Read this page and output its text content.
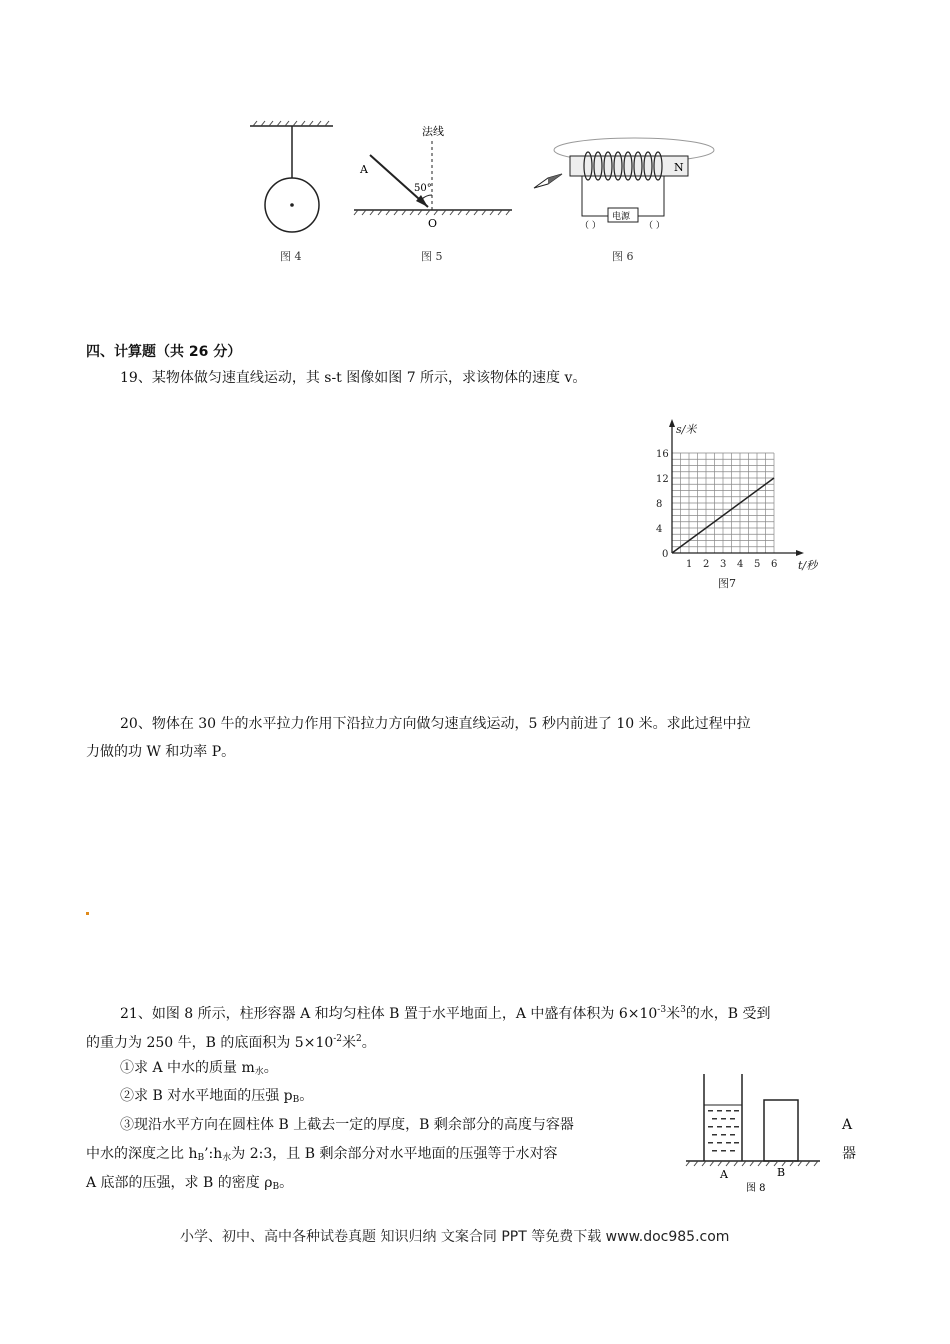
图 4
法线
A
50°
O
图 5
N
电源
（ ）	（ ）
图 6
四、计算题（共 26 分）
19、某物体做匀速直线运动，其 s-t 图像如图 7 所示，求该物体的速度 v。
1 2 3 4 5 6
4
8
12
16
0
s/米
t/秒
图7
20、物体在 30 牛的水平拉力作用下沿拉力方向做匀速直线运动，5 秒内前进了 10 米。求此过程中拉
力做的功 W 和功率 P。
21、如图 8 所示，柱形容器 A 和均匀柱体 B 置于水平地面上，A 中盛有体积为 $6\times 10^{-3}$米$^3$的水，B 受到
的重力为 250 牛，B 的底面积为 $5\times 10^{-2}$米$^2$。
①求 A 中水的质量 $m_水$。
②求 B 对水平地面的压强 $p_B$。
③现沿水平方向在圆柱体 B 上截去一定的厚度，B 剩余部分的高度与容器	A
中水的深度之比 $h_B’:h_水$为 2:3，且 B 剩余部分对水平地面的压强等于水对容	器
A 底部的压强，求 B 的密度 $\rho_B$。
A	B
图 8
小学、初中、高中各种试卷真题 知识归纳 文案合同 PPT 等免费下载 www.doc985.com
